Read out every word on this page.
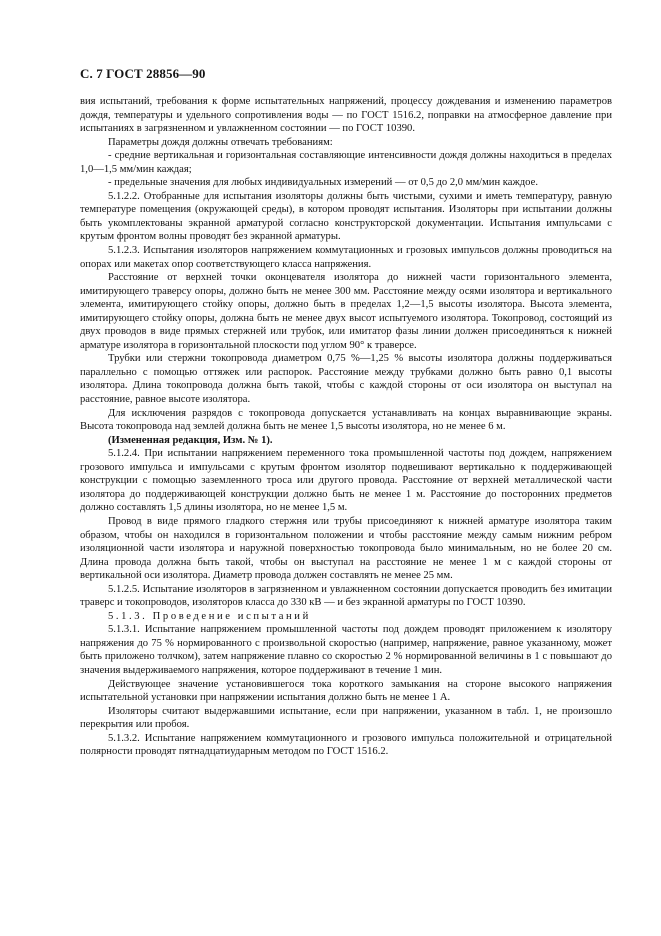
С. 7 ГОСТ 28856—90

вия испытаний, требования к форме испытательных напряжений, процессу дождевания и изменению параметров дождя, температуры и удельного сопротивления воды — по ГОСТ 1516.2, поправки на атмосферное давление при испытаниях в загрязненном и увлажненном состоянии — по ГОСТ 10390.

Параметры дождя должны отвечать требованиям:

- средние вертикальная и горизонтальная составляющие интенсивности дождя должны находиться в пределах 1,0—1,5 мм/мин каждая;

- предельные значения для любых индивидуальных измерений — от 0,5 до 2,0 мм/мин каждое.

5.1.2.2. Отобранные для испытания изоляторы должны быть чистыми, сухими и иметь температуру, равную температуре помещения (окружающей среды), в котором проводят испытания. Изоляторы при испытании должны быть укомплектованы экранной арматурой согласно конструкторской документации. Испытания импульсами с крутым фронтом волны проводят без экранной арматуры.

5.1.2.3. Испытания изоляторов напряжением коммутационных и грозовых импульсов должны проводиться на опорах или макетах опор соответствующего класса напряжения.

Расстояние от верхней точки оконцевателя изолятора до нижней части горизонтального элемента, имитирующего траверсу опоры, должно быть не менее 300 мм. Расстояние между осями изолятора и вертикального элемента, имитирующего стойку опоры, должно быть в пределах 1,2—1,5 высоты изолятора. Высота элемента, имитирующего стойку опоры, должна быть не менее двух высот испытуемого изолятора. Токопровод, состоящий из двух проводов в виде прямых стержней или трубок, или имитатор фазы линии должен присоединяться к нижней арматуре изолятора в горизонтальной плоскости под углом 90° к траверсе.

Трубки или стержни токопровода диаметром 0,75 %—1,25 % высоты изолятора должны поддерживаться параллельно с помощью оттяжек или распорок. Расстояние между трубками должно быть равно 0,1 высоты изолятора. Длина токопровода должна быть такой, чтобы с каждой стороны от оси изолятора он выступал на расстояние, равное высоте изолятора.

Для исключения разрядов с токопровода допускается устанавливать на концах выравнивающие экраны. Высота токопровода над землей должна быть не менее 1,5 высоты изолятора, но не менее 6 м.

(Измененная редакция, Изм. № 1).

5.1.2.4. При испытании напряжением переменного тока промышленной частоты под дождем, напряжением грозового импульса и импульсами с крутым фронтом изолятор подвешивают вертикально к поддерживающей конструкции с помощью заземленного троса или другого провода. Расстояние от верхней металлической части изолятора до поддерживающей конструкции должно быть не менее 1 м. Расстояние до посторонних предметов должно составлять 1,5 длины изолятора, но не менее 1,5 м.

Провод в виде прямого гладкого стержня или трубы присоединяют к нижней арматуре изолятора таким образом, чтобы он находился в горизонтальном положении и чтобы расстояние между самым нижним ребром изоляционной части изолятора и наружной поверхностью токопровода было минимальным, но не более 20 см. Длина провода должна быть такой, чтобы он выступал на расстояние не менее 1 м с каждой стороны от вертикальной оси изолятора. Диаметр провода должен составлять не менее 25 мм.

5.1.2.5. Испытание изоляторов в загрязненном и увлажненном состоянии допускается проводить без имитации траверс и токопроводов, изоляторов класса до 330 кВ — и без экранной арматуры по ГОСТ 10390.

5.1.3. Проведение испытаний

5.1.3.1. Испытание напряжением промышленной частоты под дождем проводят приложением к изолятору напряжения до 75 % нормированного с произвольной скоростью (например, напряжение, равное указанному, может быть приложено толчком), затем напряжение плавно со скоростью 2 % нормированной величины в 1 с повышают до значения выдерживаемого напряжения, которое поддерживают в течение 1 мин.

Действующее значение установившегося тока короткого замыкания на стороне высокого напряжения испытательной установки при напряжении испытания должно быть не менее 1 А.

Изоляторы считают выдержавшими испытание, если при напряжении, указанном в табл. 1, не произошло перекрытия или пробоя.

5.1.3.2. Испытание напряжением коммутационного и грозового импульса положительной и отрицательной полярности проводят пятнадцатиударным методом по ГОСТ 1516.2.
